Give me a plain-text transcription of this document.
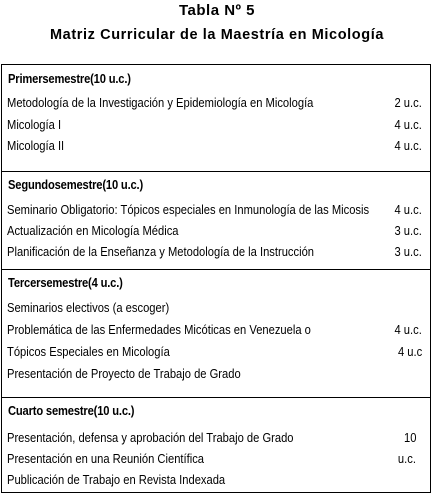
Tabla Nº 5
Matriz Curricular de la Maestría en Micología
Primersemestre(10 u.c.)
Metodología de la Investigación y Epidemiología en Micología	2 u.c.
Micología I	4 u.c.
Micología II	4 u.c.
Segundosemestre(10 u.c.)
Seminario Obligatorio: Tópicos especiales en Inmunología de las Micosis 4 u.c.
Actualización en Micología Médica	3 u.c.
Planificación de la Enseñanza y Metodología de la Instrucción	3 u.c.
Tercersemestre(4 u.c.)
Seminarios electivos (a escoger)
Problemática de las Enfermedades Micóticas en Venezuela o	4 u.c.
Tópicos Especiales en Micología	4 u.c
Presentación de Proyecto de Trabajo de Grado
Cuarto semestre(10 u.c.)
Presentación, defensa y aprobación del Trabajo de Grado	10
Presentación en una Reunión Científica	u.c.
Publicación de Trabajo en Revista Indexada
